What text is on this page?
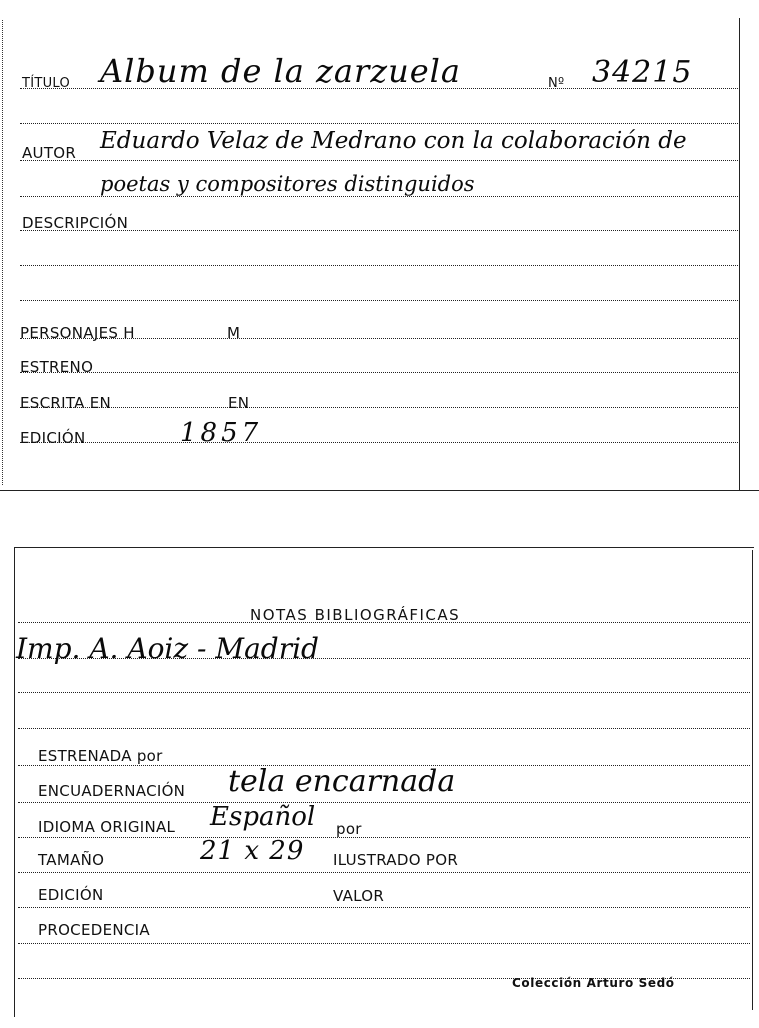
TÍTULO Album de la zarzuela	Nº 34215
AUTOR Eduardo Velaz de Medrano con la colaboración de
poetas y compositores distinguidos
DESCRIPCIÓN
PERSONAJES H	M
ESTRENO
ESCRITA EN	EN
EDICIÓN	1857
NOTAS BIBLIOGRÁFICAS
Imp. A. Aoiz - Madrid
ESTRENADA por
ENCUADERNACIÓN tela encarnada
IDIOMA ORIGINAL Español por
TAMAÑO	21 x 29 ILUSTRADO POR
EDICIÓN	VALOR
PROCEDENCIA
Colección Arturo Sedó
